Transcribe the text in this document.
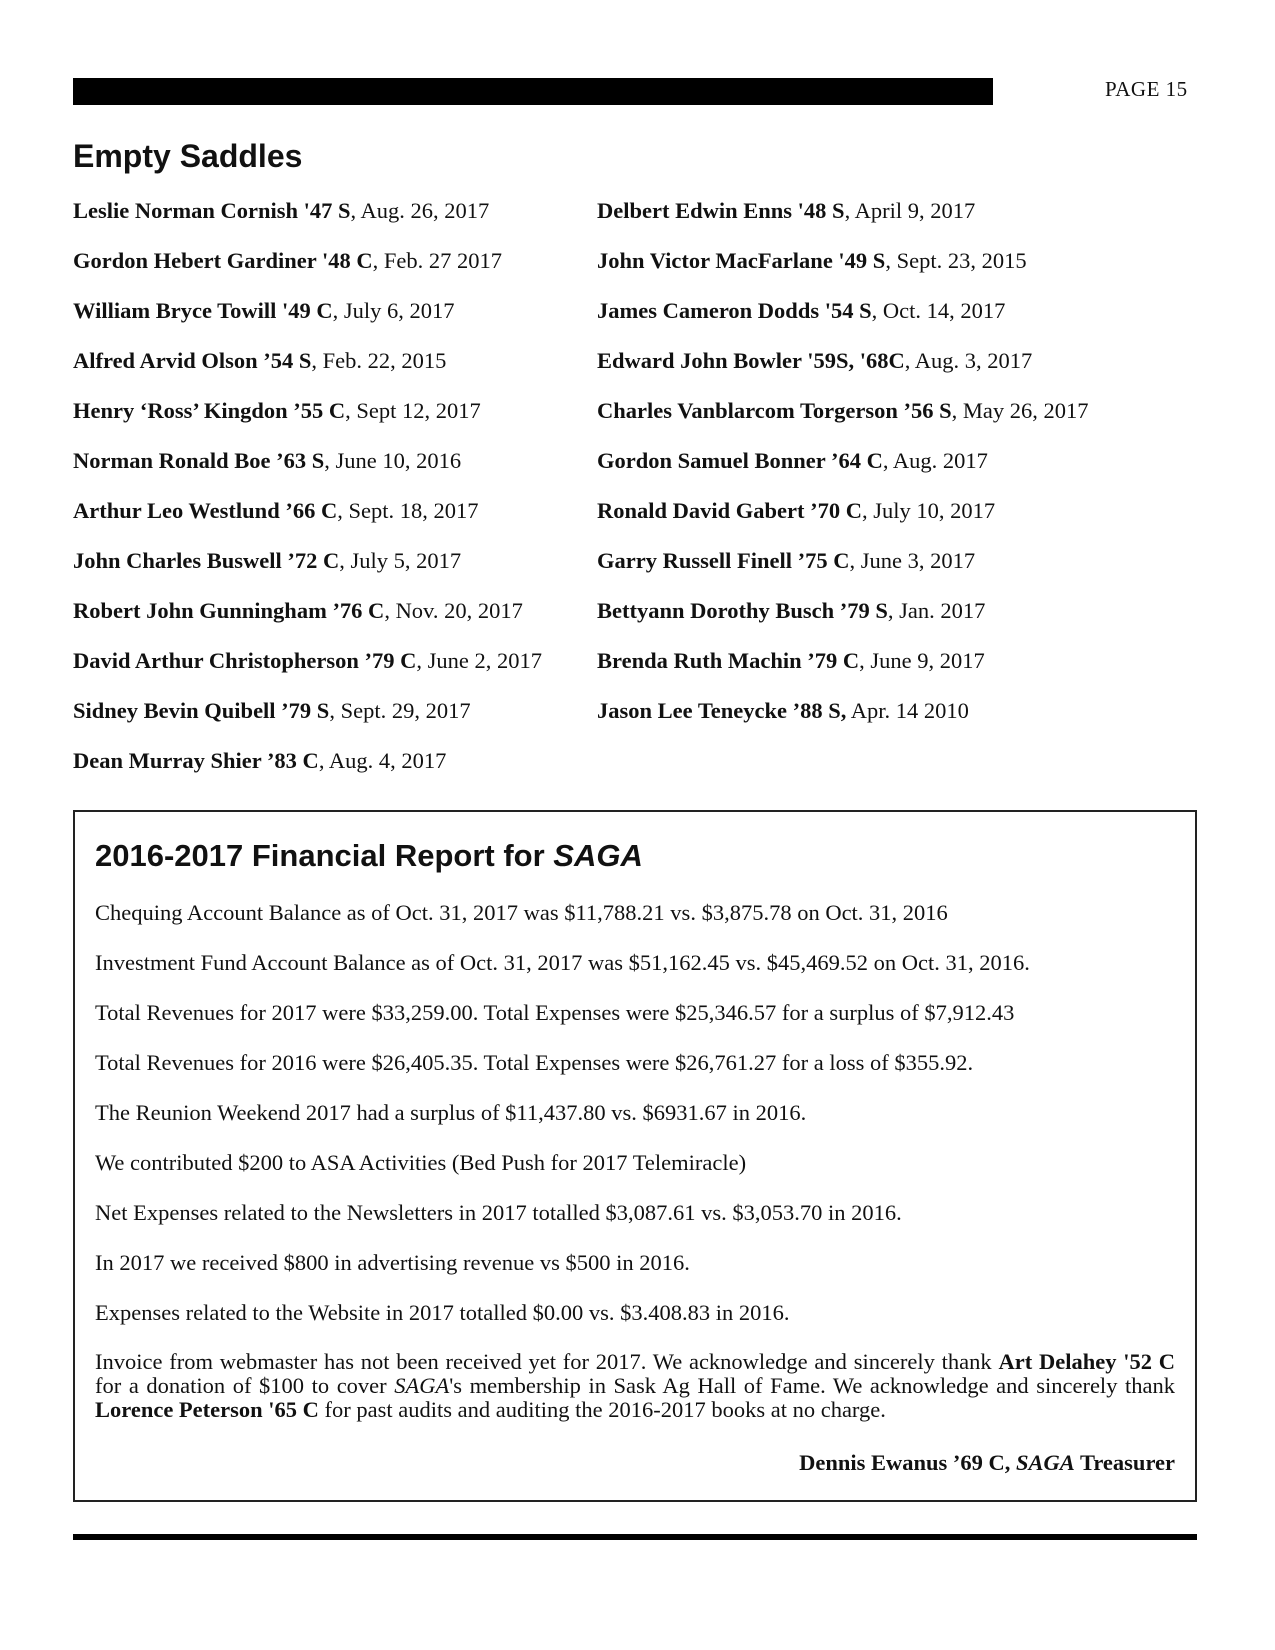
PAGE 15
Empty Saddles
Leslie Norman Cornish '47 S, Aug. 26, 2017	Delbert Edwin Enns '48 S, April 9, 2017
Gordon Hebert Gardiner '48 C, Feb. 27 2017	John Victor MacFarlane '49 S, Sept. 23, 2015
William Bryce Towill '49 C, July 6, 2017	James Cameron Dodds '54 S, Oct. 14, 2017
Alfred Arvid Olson ’54 S, Feb. 22, 2015	Edward John Bowler '59S, '68C, Aug. 3, 2017
Henry ‘Ross’ Kingdon ’55 C, Sept 12, 2017	Charles Vanblarcom Torgerson ’56 S, May 26, 2017
Norman Ronald Boe ’63 S, June 10, 2016	Gordon Samuel Bonner ’64 C, Aug. 2017
Arthur Leo Westlund ’66 C, Sept. 18, 2017	Ronald David Gabert ’70 C, July 10, 2017
John Charles Buswell ’72 C, July 5, 2017	Garry Russell Finell ’75 C, June 3, 2017
Robert John Gunningham ’76 C, Nov. 20, 2017	Bettyann Dorothy Busch ’79 S, Jan. 2017
David Arthur Christopherson ’79 C, June 2, 2017	Brenda Ruth Machin ’79 C, June 9, 2017
Sidney Bevin Quibell ’79 S, Sept. 29, 2017	Jason Lee Teneycke ’88 S, Apr. 14 2010
Dean Murray Shier ’83 C, Aug. 4, 2017
2016-2017 Financial Report for SAGA
Chequing Account Balance as of Oct. 31, 2017 was $11,788.21 vs. $3,875.78 on Oct. 31, 2016
Investment Fund Account Balance as of Oct. 31, 2017 was $51,162.45 vs. $45,469.52 on Oct. 31, 2016.
Total Revenues for 2017 were $33,259.00. Total Expenses were $25,346.57 for a surplus of $7,912.43
Total Revenues for 2016 were $26,405.35. Total Expenses were $26,761.27 for a loss of $355.92.
The Reunion Weekend 2017 had a surplus of $11,437.80 vs. $6931.67 in 2016.
We contributed $200 to ASA Activities (Bed Push for 2017 Telemiracle)
Net Expenses related to the Newsletters in 2017 totalled $3,087.61 vs. $3,053.70 in 2016.
In 2017 we received $800 in advertising revenue vs $500 in 2016.
Expenses related to the Website in 2017 totalled $0.00 vs. $3.408.83 in 2016.
Invoice from webmaster has not been received yet for 2017. We acknowledge and sincerely thank Art Delahey '52 C for a donation of $100 to cover SAGA's membership in Sask Ag Hall of Fame. We acknowledge and sincerely thank Lorence Peterson '65 C for past audits and auditing the 2016-2017 books at no charge.
Dennis Ewanus ’69 C, SAGA Treasurer
